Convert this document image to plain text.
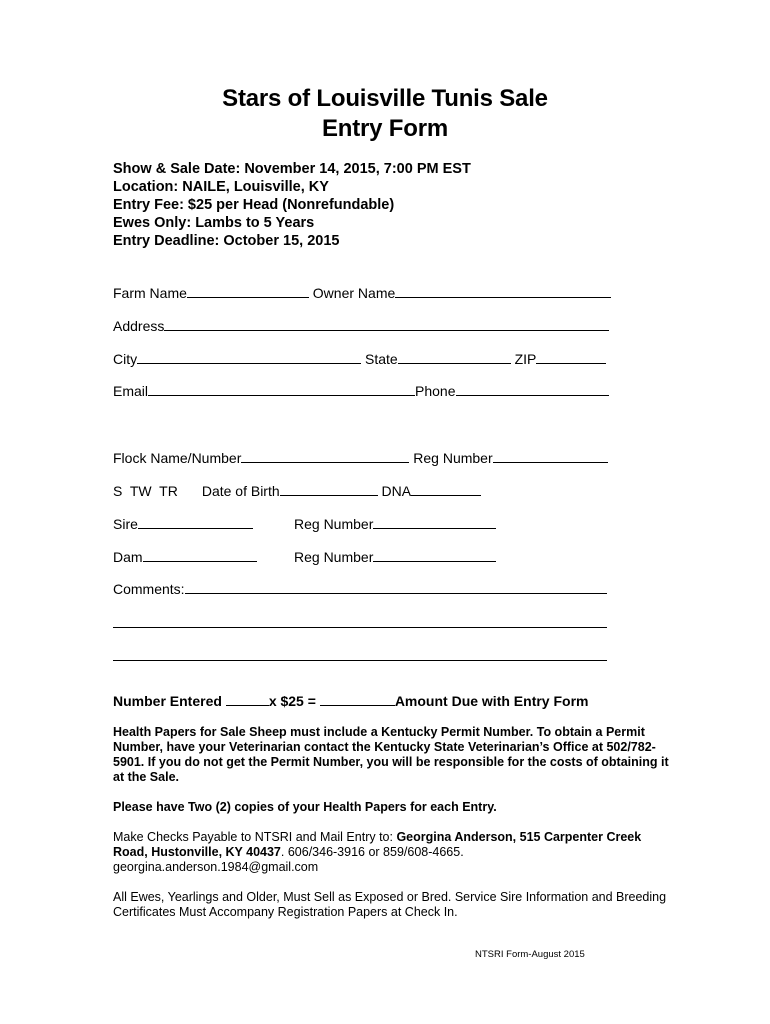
Stars of Louisville Tunis Sale
Entry Form
Show & Sale Date: November 14, 2015, 7:00 PM EST
Location: NAILE, Louisville, KY
Entry Fee: $25 per Head (Nonrefundable)
Ewes Only: Lambs to 5 Years
Entry Deadline: October 15, 2015
Farm Name	Owner Name
Address
City	State	ZIP
Email	Phone
Flock Name/Number	Reg Number
S  TW  TR Date of Birth	DNA
Sire	Reg Number
Dam	Reg Number
Comments:
Number Entered	x $25 =	Amount Due with Entry Form
Health Papers for Sale Sheep must include a Kentucky Permit Number. To obtain a Permit Number, have your Veterinarian contact the Kentucky State Veterinarian’s Office at 502/782-5901. If you do not get the Permit Number, you will be responsible for the costs of obtaining it at the Sale.
Please have Two (2) copies of your Health Papers for each Entry.
Make Checks Payable to NTSRI and Mail Entry to: Georgina Anderson, 515 Carpenter Creek Road, Hustonville, KY 40437. 606/346-3916 or 859/608-4665.
georgina.anderson.1984@gmail.com
All Ewes, Yearlings and Older, Must Sell as Exposed or Bred. Service Sire Information and Breeding Certificates Must Accompany Registration Papers at Check In.
NTSRI Form-August 2015
